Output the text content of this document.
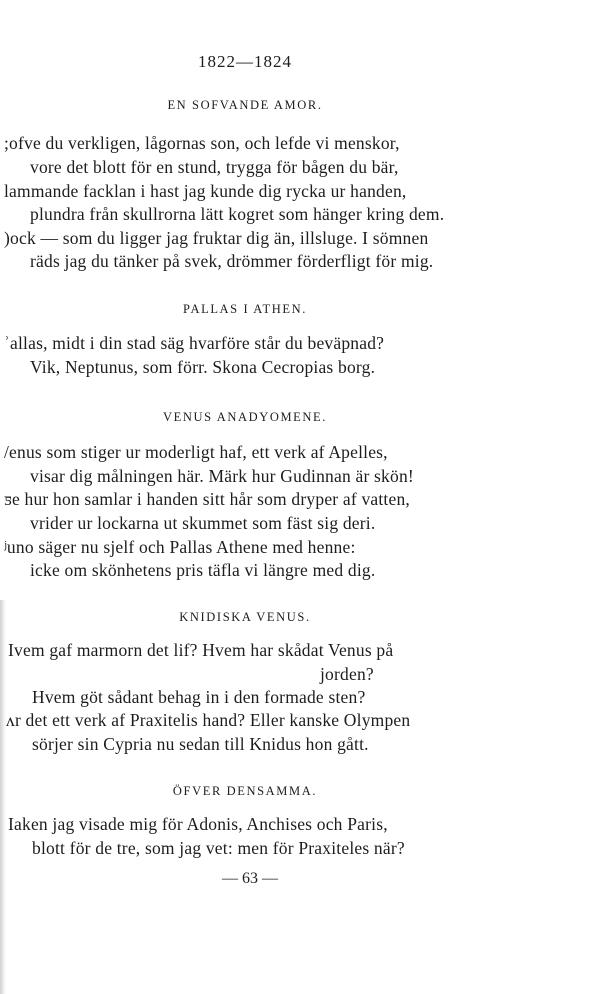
1822—1824
EN SOFVANDE AMOR.
;ofve du verkligen, lågornas son, och lefde vi menskor,
vore det blott för en stund, trygga för bågen du bär,
lammande facklan i hast jag kunde dig rycka ur handen,
plundra från skullrorna lätt kogret som hänger kring dem.
)ock — som du ligger jag fruktar dig än, illsluge. I sömnen
räds jag du tänker på svek, drömmer förderfligt för mig.
PALLAS I ATHEN.
ʾallas, midt i din stad säg hvarföre står du beväpnad?
Vik, Neptunus, som förr. Skona Cecropias borg.
VENUS ANADYOMENE.
/enus som stiger ur moderligt haf, ett verk af Apelles,
visar dig målningen här. Märk hur Gudinnan är skön!
ƽe hur hon samlar i handen sitt hår som dryper af vatten,
vrider ur lockarna ut skummet som fäst sig deri.
ʲuno säger nu sjelf och Pallas Athene med henne:
icke om skönhetens pris täfla vi längre med dig.
KNIDISKA VENUS.
Ivem gaf marmorn det lif? Hvem har skådat Venus på
jorden?
Hvem göt sådant behag in i den formade sten?
ʌr det ett verk af Praxitelis hand? Eller kanske Olympen
sörjer sin Cypria nu sedan till Knidus hon gått.
ÖFVER DENSAMMA.
Iaken jag visade mig för Adonis, Anchises och Paris,
blott för de tre, som jag vet: men för Praxiteles när?
— 63 —
